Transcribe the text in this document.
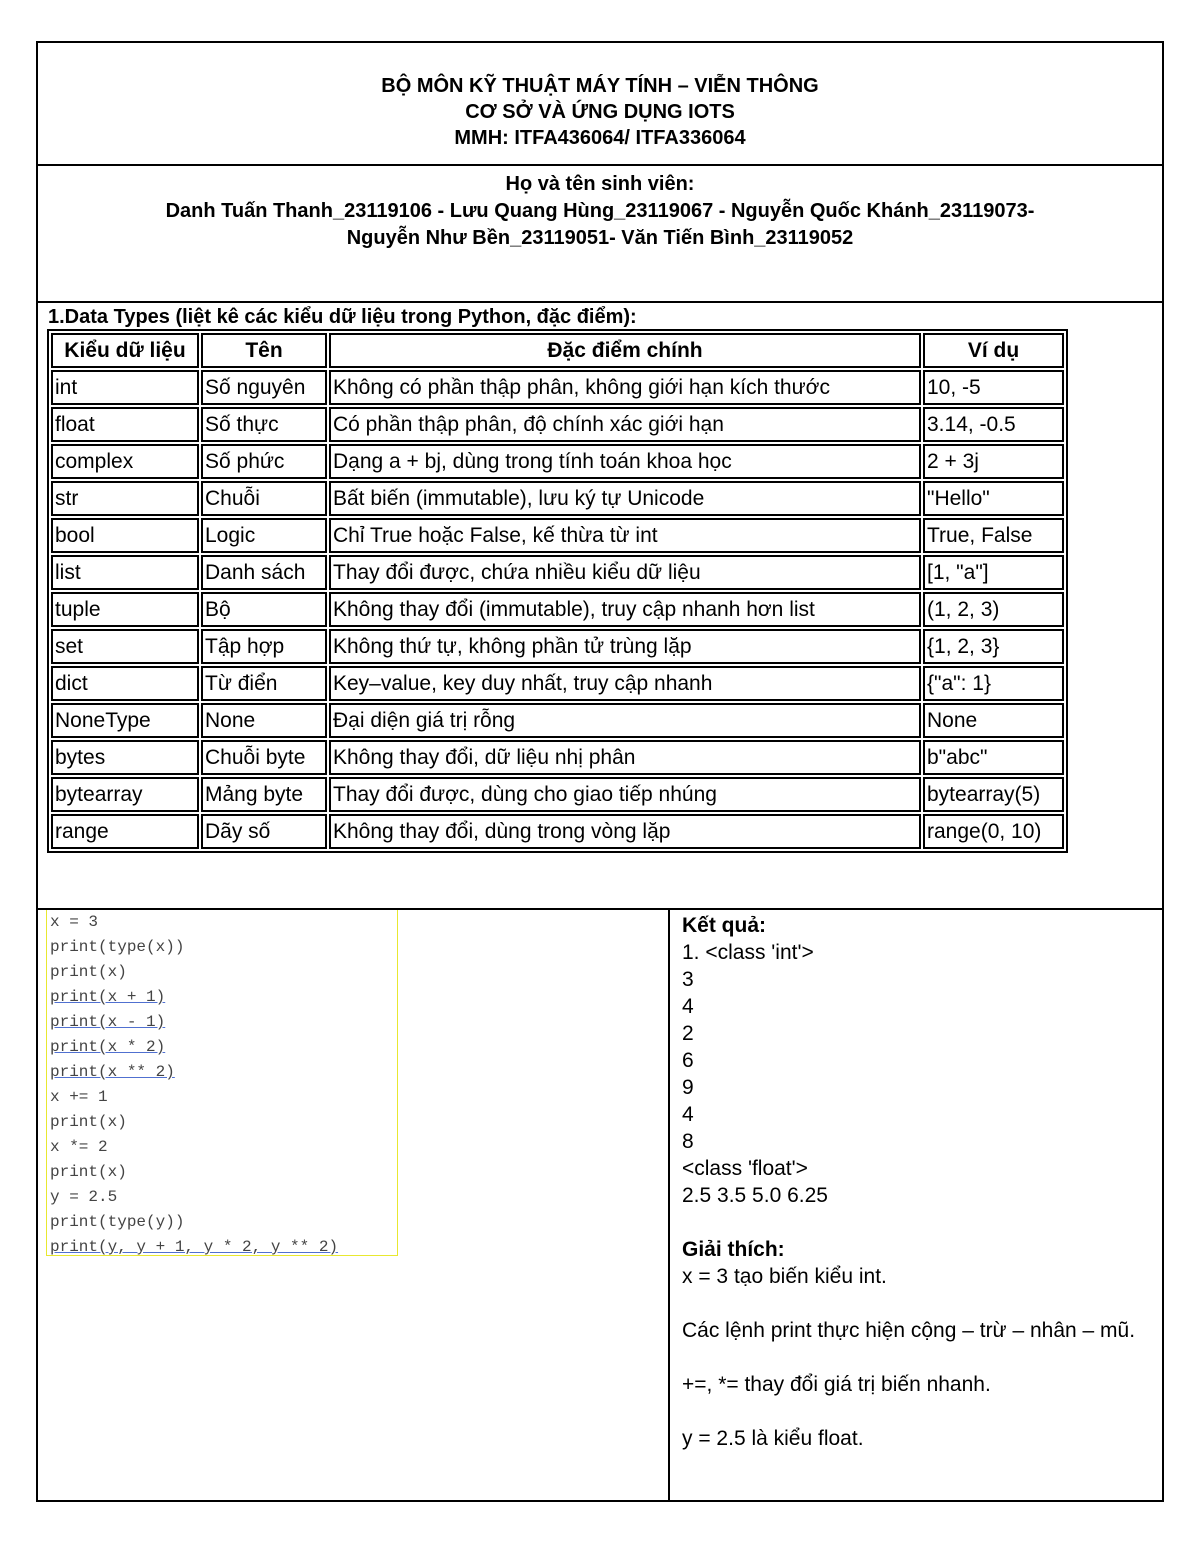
BỘ MÔN KỸ THUẬT MÁY TÍNH – VIỄN THÔNG
CƠ SỞ VÀ ỨNG DỤNG IOTS
MMH: ITFA436064/ ITFA336064
Họ và tên sinh viên:
Danh Tuấn Thanh_23119106 - Lưu Quang Hùng_23119067 - Nguyễn Quốc Khánh_23119073-
Nguyễn Như Bền_23119051- Văn Tiến Bình_23119052
1.Data Types (liệt kê các kiểu dữ liệu trong Python, đặc điểm):
Kiểu dữ liệu	Tên	Đặc điểm chính	Ví dụ
int	Số nguyên	Không có phần thập phân, không giới hạn kích thước	10, -5
float	Số thực	Có phần thập phân, độ chính xác giới hạn	3.14, -0.5
complex	Số phức	Dạng a + bj, dùng trong tính toán khoa học	2 + 3j
str	Chuỗi	Bất biến (immutable), lưu ký tự Unicode	"Hello"
bool	Logic	Chỉ True hoặc False, kế thừa từ int	True, False
list	Danh sách	Thay đổi được, chứa nhiều kiểu dữ liệu	[1, "a"]
tuple	Bộ	Không thay đổi (immutable), truy cập nhanh hơn list	(1, 2, 3)
set	Tập hợp	Không thứ tự, không phần tử trùng lặp	{1, 2, 3}
dict	Từ điển	Key–value, key duy nhất, truy cập nhanh	{"a": 1}
NoneType	None	Đại diện giá trị rỗng	None
bytes	Chuỗi byte	Không thay đổi, dữ liệu nhị phân	b"abc"
bytearray	Mảng byte	Thay đổi được, dùng cho giao tiếp nhúng	bytearray(5)
range	Dãy số	Không thay đổi, dùng trong vòng lặp	range(0, 10)
x = 3
print(type(x))
print(x)
print(x + 1)
print(x - 1)
print(x * 2)
print(x ** 2)
x += 1
print(x)
x *= 2
print(x)
y = 2.5
print(type(y))
print(y, y + 1, y * 2, y ** 2)
Kết quả:
1. <class 'int'>
3
4
2
6
9
4
8
<class 'float'>
2.5 3.5 5.0 6.25
Giải thích:
x = 3 tạo biến kiểu int.
Các lệnh print thực hiện cộng – trừ – nhân – mũ.
+=, *= thay đổi giá trị biến nhanh.
y = 2.5 là kiểu float.
